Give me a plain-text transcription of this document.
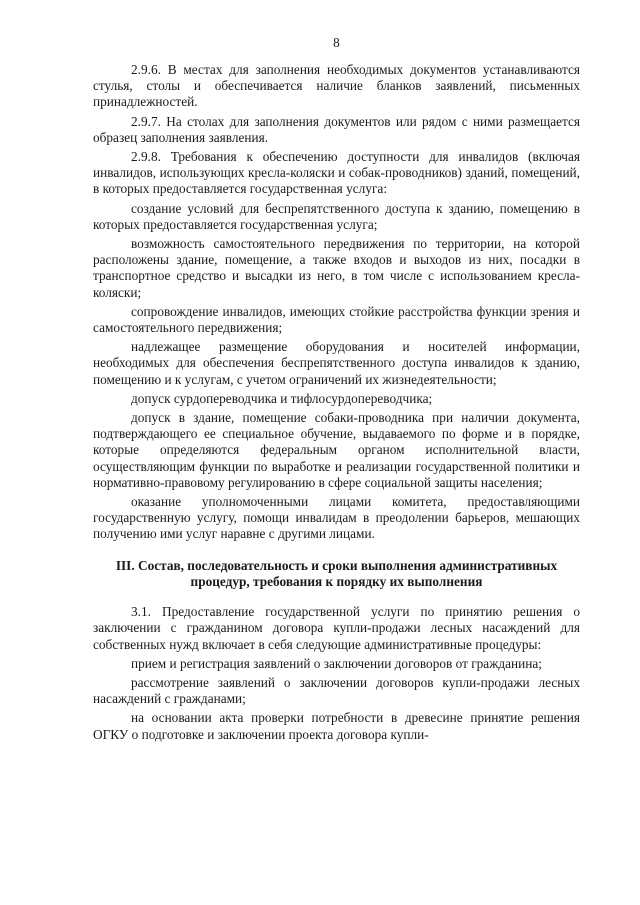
8

2.9.6. В местах для заполнения необходимых документов устанавливаются стулья, столы и обеспечивается наличие бланков заявлений, письменных принадлежностей.

2.9.7. На столах для заполнения документов или рядом с ними размещается образец заполнения заявления.

2.9.8. Требования к обеспечению доступности для инвалидов (включая инвалидов, использующих кресла-коляски и собак-проводников) зданий, помещений, в которых предоставляется государственная услуга:

создание условий для беспрепятственного доступа к зданию, помещению в которых предоставляется государственная услуга;

возможность самостоятельного передвижения по территории, на которой расположены здание, помещение, а также входов и выходов из них, посадки в транспортное средство и высадки из него, в том числе с использованием кресла-коляски;

сопровождение инвалидов, имеющих стойкие расстройства функции зрения и самостоятельного передвижения;

надлежащее размещение оборудования и носителей информации, необходимых для обеспечения беспрепятственного доступа инвалидов к зданию, помещению и к услугам, с учетом ограничений их жизнедеятельности;

допуск сурдопереводчика и тифлосурдопереводчика;

допуск в здание, помещение собаки-проводника при наличии документа, подтверждающего ее специальное обучение, выдаваемого по форме и в порядке, которые определяются федеральным органом исполнительной власти, осуществляющим функции по выработке и реализации государственной политики и нормативно-правовому регулированию в сфере социальной защиты населения;

оказание уполномоченными лицами комитета, предоставляющими государственную услугу, помощи инвалидам в преодолении барьеров, мешающих получению ими услуг наравне с другими лицами.

III. Состав, последовательность и сроки выполнения административных процедур, требования к порядку их выполнения

3.1. Предоставление государственной услуги по принятию решения о заключении с гражданином договора купли-продажи лесных насаждений для собственных нужд включает в себя следующие административные процедуры:

прием и регистрация заявлений о заключении договоров от гражданина;

рассмотрение заявлений о заключении договоров купли-продажи лесных насаждений с гражданами;

на основании акта проверки потребности в древесине принятие решения ОГКУ о подготовке и заключении проекта договора купли-
